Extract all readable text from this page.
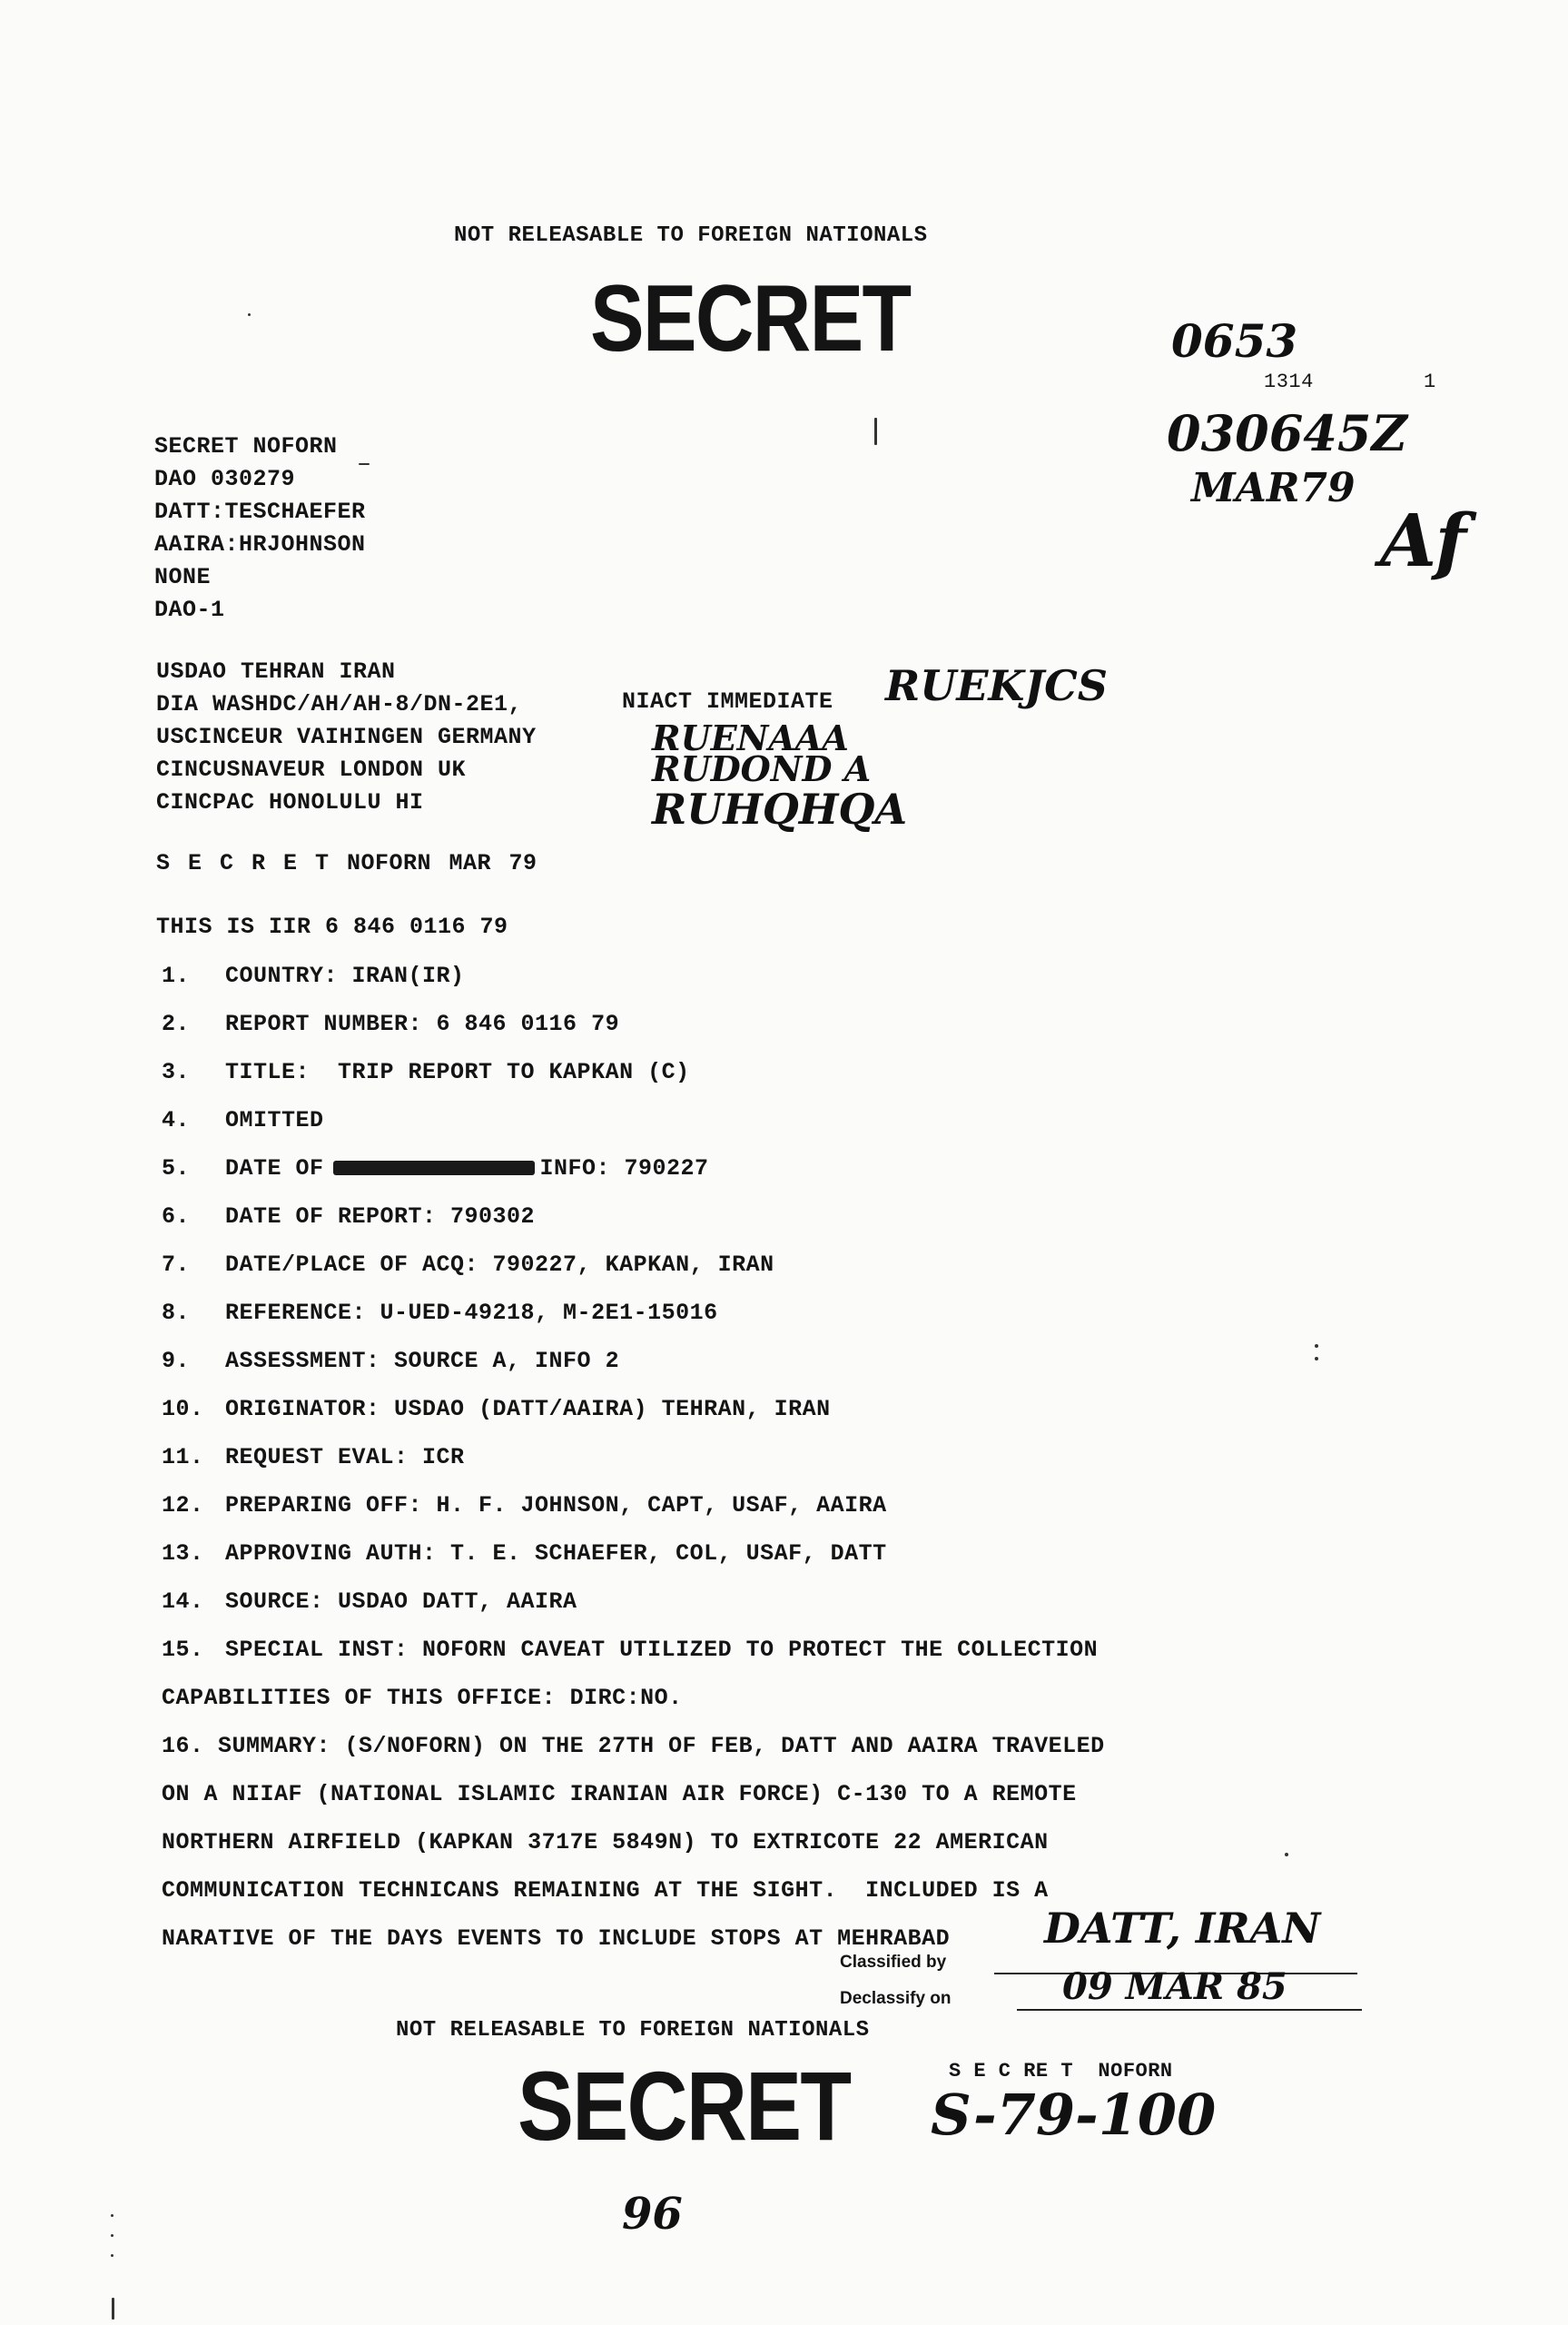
NOT RELEASABLE TO FOREIGN NATIONALS
SECRET	0653
1314	1
030645Z
MAR79
Af
SECRET NOFORN
DAO 030279
DATT:TESCHAEFER
AAIRA:HRJOHNSON
NONE
DAO-1
USDAO TEHRAN IRAN
DIA WASHDC/AH/AH-8/DN-2E1,
USCINCEUR VAIHINGEN GERMANY
CINCUSNAVEUR LONDON UK
CINCPAC HONOLULU HI
NIACT IMMEDIATE RUEKJCS
RUENAAA
RUDOND A
RUHQHQA
S E C R E T NOFORN MAR 79
THIS IS IIR 6 846 0116 79
1. COUNTRY: IRAN(IR)
2. REPORT NUMBER: 6 846 0116 79
3. TITLE:  TRIP REPORT TO KAPKAN (C)
4. OMITTED
5. DATE OF	INFO: 790227
6. DATE OF REPORT: 790302
7. DATE/PLACE OF ACQ: 790227, KAPKAN, IRAN
8. REFERENCE: U-UED-49218, M-2E1-15016
9. ASSESSMENT: SOURCE A, INFO 2
10. ORIGINATOR: USDAO (DATT/AAIRA) TEHRAN, IRAN
11. REQUEST EVAL: ICR
12. PREPARING OFF: H. F. JOHNSON, CAPT, USAF, AAIRA
13. APPROVING AUTH: T. E. SCHAEFER, COL, USAF, DATT
14. SOURCE: USDAO DATT, AAIRA
15. SPECIAL INST: NOFORN CAVEAT UTILIZED TO PROTECT THE COLLECTION
CAPABILITIES OF THIS OFFICE: DIRC:NO.
16. SUMMARY: (S/NOFORN) ON THE 27TH OF FEB, DATT AND AAIRA TRAVELED
ON A NIIAF (NATIONAL ISLAMIC IRANIAN AIR FORCE) C-130 TO A REMOTE
NORTHERN AIRFIELD (KAPKAN 3717E 5849N) TO EXTRICOTE 22 AMERICAN
COMMUNICATION TECHNICANS REMAINING AT THE SIGHT.  INCLUDED IS A
NARATIVE OF THE DAYS EVENTS TO INCLUDE STOPS AT MEHRABAD
Classified by
DATT, IRAN
Declassify on	09 MAR 85
NOT RELEASABLE TO FOREIGN NATIONALS
SECRET	S E C RE T  NOFORN
S-79-100
96
